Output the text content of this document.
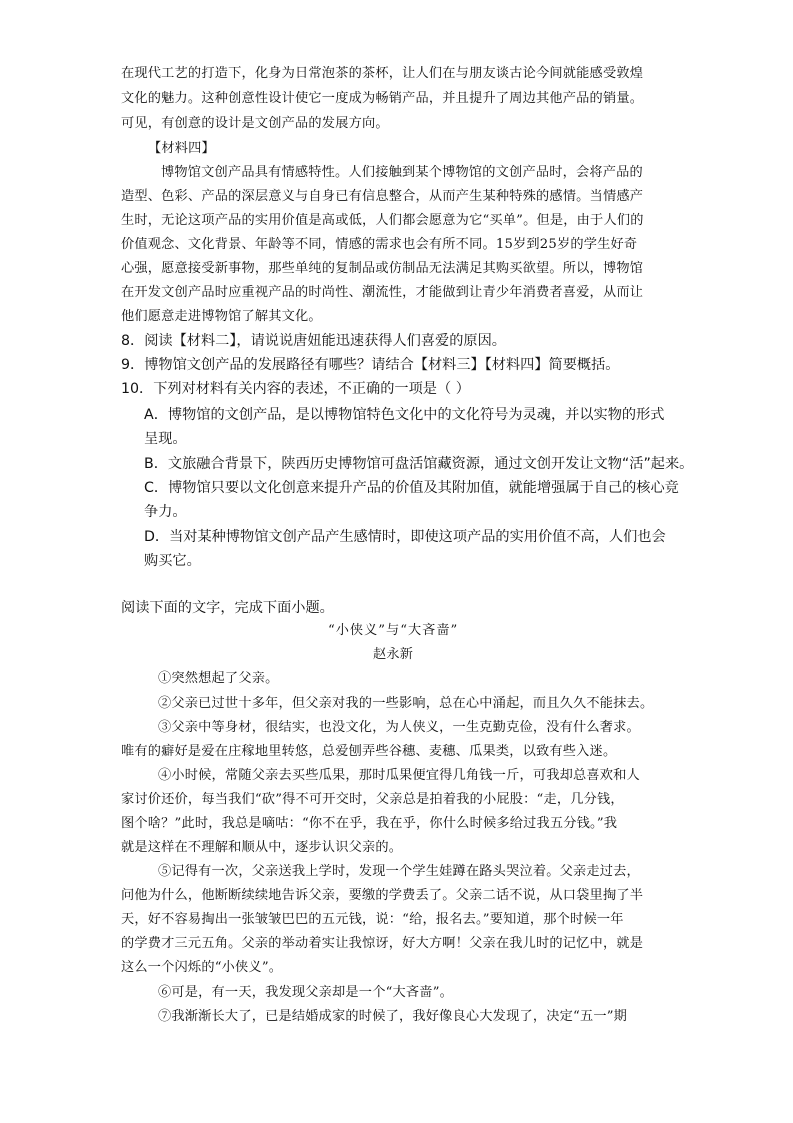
在现代工艺的打造下，化身为日常泡茶的茶杯，让人们在与朋友谈古论今间就能感受敦煌
文化的魅力。这种创意性设计使它一度成为畅销产品，并且提升了周边其他产品的销量。
可见，有创意的设计是文创产品的发展方向。
【材料四】
博物馆文创产品具有情感特性。人们接触到某个博物馆的文创产品时，会将产品的
造型、色彩、产品的深层意义与自身已有信息整合，从而产生某种特殊的感情。当情感产
生时，无论这项产品的实用价值是高或低，人们都会愿意为它“买单”。但是，由于人们的
价值观念、文化背景、年龄等不同，情感的需求也会有所不同。15岁到25岁的学生好奇
心强，愿意接受新事物，那些单纯的复制品或仿制品无法满足其购买欲望。所以，博物馆
在开发文创产品时应重视产品的时尚性、潮流性，才能做到让青少年消费者喜爱，从而让
他们愿意走进博物馆了解其文化。
8．阅读【材料二】，请说说唐妞能迅速获得人们喜爱的原因。
9．博物馆文创产品的发展路径有哪些？请结合【材料三】【材料四】简要概括。
10．下列对材料有关内容的表述，不正确的一项是（ ）
A．博物馆的文创产品，是以博物馆特色文化中的文化符号为灵魂，并以实物的形式
呈现。
B．文旅融合背景下，陕西历史博物馆可盘活馆藏资源，通过文创开发让文物“活”起来。
C．博物馆只要以文化创意来提升产品的价值及其附加值，就能增强属于自己的核心竞
争力。
D．当对某种博物馆文创产品产生感情时，即使这项产品的实用价值不高，人们也会
购买它。
阅读下面的文字，完成下面小题。
“小侠义”与“大吝啬”
赵永新
①突然想起了父亲。
②父亲已过世十多年，但父亲对我的一些影响，总在心中涌起，而且久久不能抹去。
③父亲中等身材，很结实，也没文化，为人侠义，一生克勤克俭，没有什么奢求。
唯有的癖好是爱在庄稼地里转悠，总爱刨弄些谷穗、麦穗、瓜果类，以致有些入迷。
④小时候，常随父亲去买些瓜果，那时瓜果便宜得几角钱一斤，可我却总喜欢和人
家讨价还价，每当我们“砍”得不可开交时，父亲总是拍着我的小屁股：“走，几分钱，
图个啥？”此时，我总是嘀咕：“你不在乎，我在乎，你什么时候多给过我五分钱。”我
就是这样在不理解和顺从中，逐步认识父亲的。
⑤记得有一次，父亲送我上学时，发现一个学生娃蹲在路头哭泣着。父亲走过去，
问他为什么，他断断续续地告诉父亲，要缴的学费丢了。父亲二话不说，从口袋里掏了半
天，好不容易掏出一张皱皱巴巴的五元钱，说：“给，报名去。”要知道，那个时候一年
的学费才三元五角。父亲的举动着实让我惊讶，好大方啊！父亲在我儿时的记忆中，就是
这么一个闪烁的“小侠义”。
⑥可是，有一天，我发现父亲却是一个“大吝啬”。
⑦我渐渐长大了，已是结婚成家的时候了，我好像良心大发现了，决定“五一”期
